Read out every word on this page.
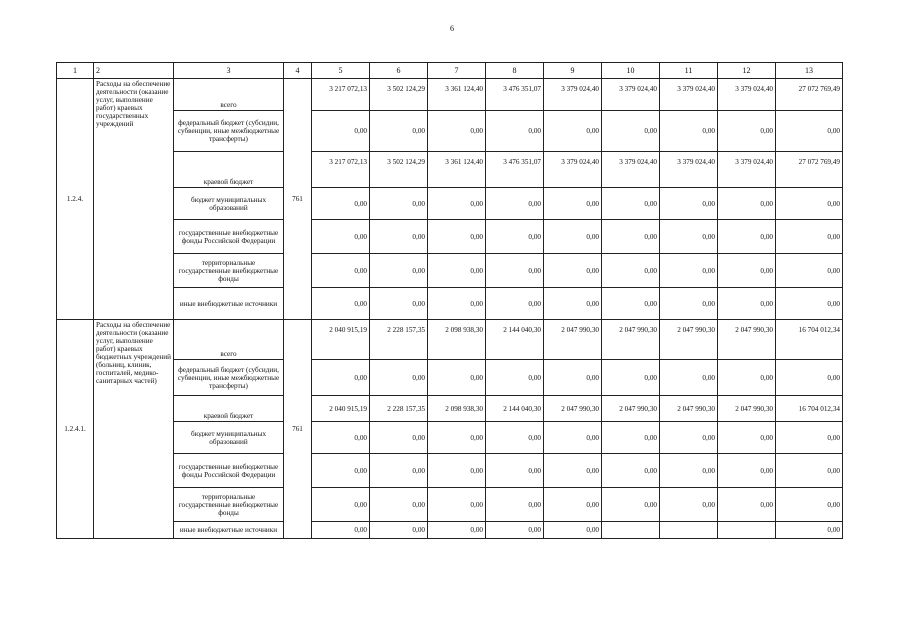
6
1	2	3	4	5	6	7	8	9	10	11	12	13
1.2.4.	Расходы на обеспечение деятельности (оказание услуг, выполнение работ) краевых государственных учреждений	всего	761	3 217 072,13	3 502 124,29	3 361 124,40	3 476 351,07	3 379 024,40	3 379 024,40	3 379 024,40	3 379 024,40	27 072 769,49
		федеральный бюджет (субсидии, субвенции, иные межбюджетные трансферты)		0,00	0,00	0,00	0,00	0,00	0,00	0,00	0,00	0,00
		краевой бюджет		3 217 072,13	3 502 124,29	3 361 124,40	3 476 351,07	3 379 024,40	3 379 024,40	3 379 024,40	3 379 024,40	27 072 769,49
		бюджет муниципальных образований		0,00	0,00	0,00	0,00	0,00	0,00	0,00	0,00	0,00
		государственные внебюджетные фонды Российской Федерации		0,00	0,00	0,00	0,00	0,00	0,00	0,00	0,00	0,00
		территориальные государственные внебюджетные фонды		0,00	0,00	0,00	0,00	0,00	0,00	0,00	0,00	0,00
		иные внебюджетные источники		0,00	0,00	0,00	0,00	0,00	0,00	0,00	0,00	0,00
1.2.4.1.	Расходы на обеспечение деятельности (оказание услуг, выполнение работ) краевых бюджетных учреждений (больниц, клиник, госпиталей, медико-санитарных частей)	всего	761	2 040 915,19	2 228 157,35	2 098 938,30	2 144 040,30	2 047 990,30	2 047 990,30	2 047 990,30	2 047 990,30	16 704 012,34
		федеральный бюджет (субсидии, субвенции, иные межбюджетные трансферты)		0,00	0,00	0,00	0,00	0,00	0,00	0,00	0,00	0,00
		краевой бюджет		2 040 915,19	2 228 157,35	2 098 938,30	2 144 040,30	2 047 990,30	2 047 990,30	2 047 990,30	2 047 990,30	16 704 012,34
		бюджет муниципальных образований		0,00	0,00	0,00	0,00	0,00	0,00	0,00	0,00	0,00
		государственные внебюджетные фонды Российской Федерации		0,00	0,00	0,00	0,00	0,00	0,00	0,00	0,00	0,00
		территориальные государственные внебюджетные фонды		0,00	0,00	0,00	0,00	0,00	0,00	0,00	0,00	0,00
		иные внебюджетные источники		0,00	0,00	0,00	0,00	0,00				0,00
